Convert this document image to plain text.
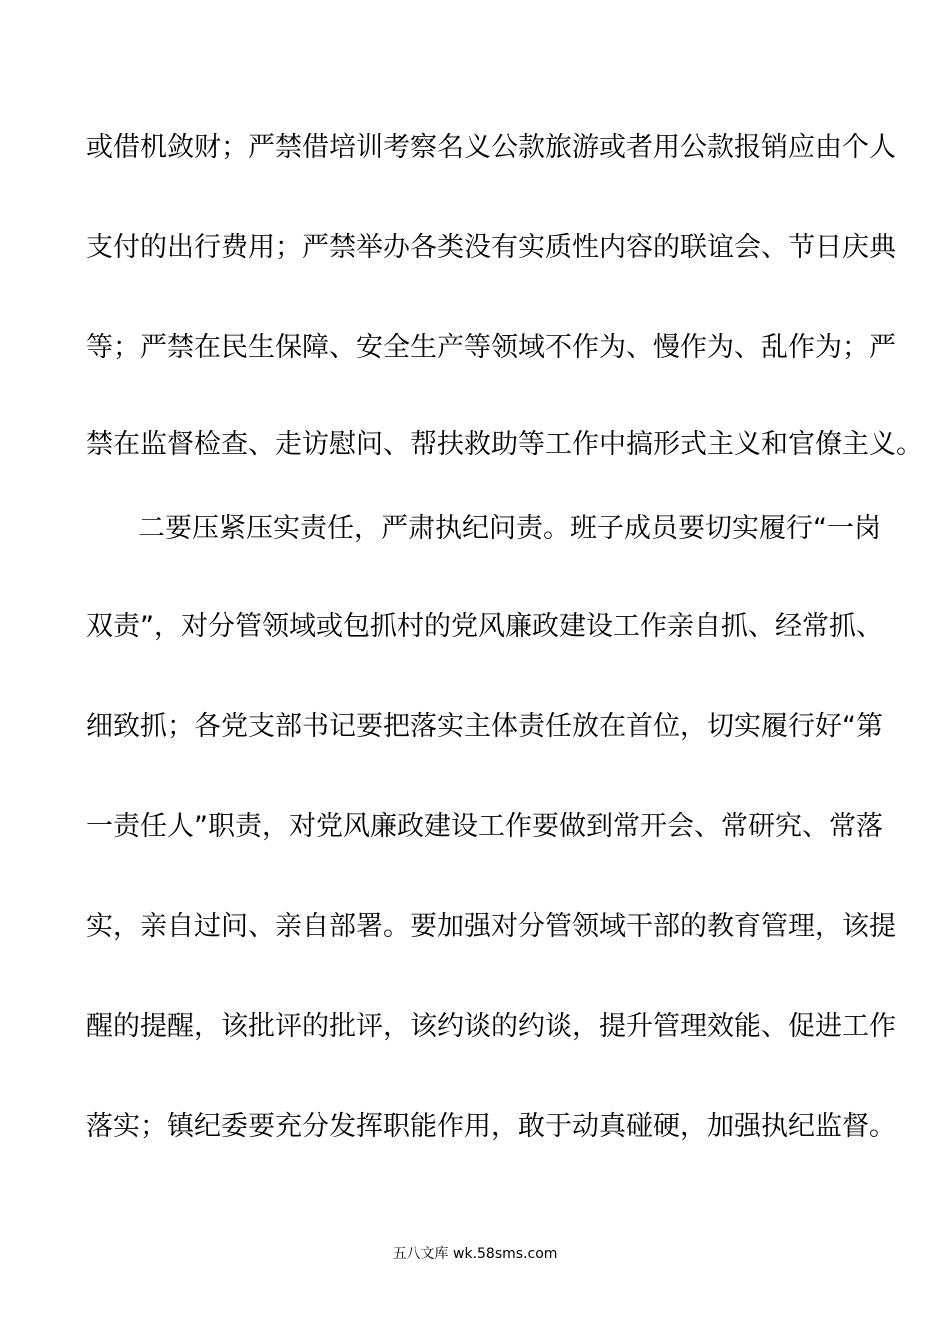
或借机敛财；严禁借培训考察名义公款旅游或者用公款报销应由个人
支付的出行费用；严禁举办各类没有实质性内容的联谊会、节日庆典
等；严禁在民生保障、安全生产等领域不作为、慢作为、乱作为；严
禁在监督检查、走访慰问、帮扶救助等工作中搞形式主义和官僚主义。
二要压紧压实责任，严肃执纪问责。班子成员要切实履行“一岗
双责”，对分管领域或包抓村的党风廉政建设工作亲自抓、经常抓、
细致抓；各党支部书记要把落实主体责任放在首位，切实履行好“第
一责任人”职责，对党风廉政建设工作要做到常开会、常研究、常落
实，亲自过问、亲自部署。要加强对分管领域干部的教育管理，该提
醒的提醒，该批评的批评，该约谈的约谈，提升管理效能、促进工作
落实；镇纪委要充分发挥职能作用，敢于动真碰硬，加强执纪监督。
五八文库 wk.58sms.com
